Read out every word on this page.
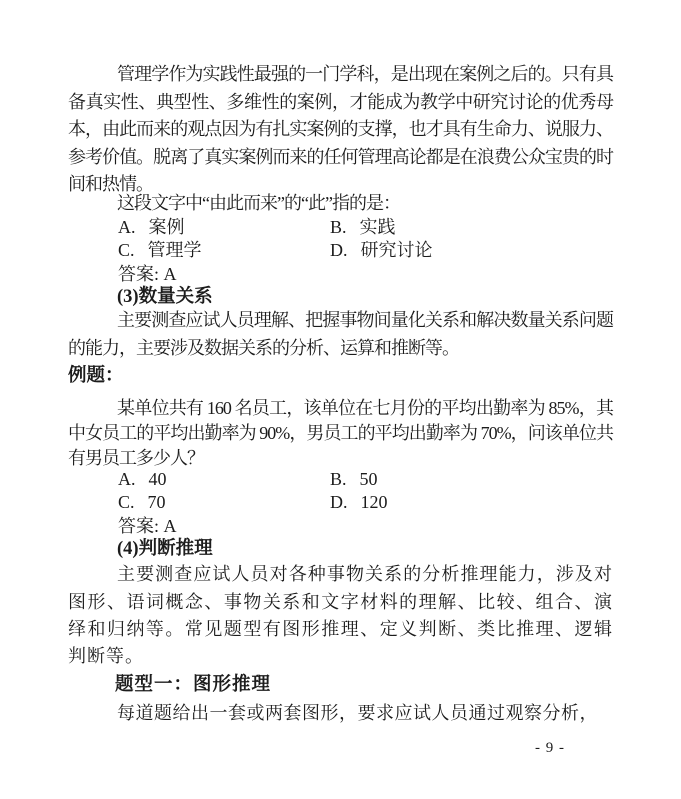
管理学作为实践性最强的一门学科，是出现在案例之后的。只有具备真实性、典型性、多维性的案例，才能成为教学中研究讨论的优秀母本，由此而来的观点因为有扎实案例的支撑，也才具有生命力、说服力、参考价值。脱离了真实案例而来的任何管理高论都是在浪费公众宝贵的时间和热情。

这段文字中“由此而来”的“此”指的是：

A. 案例	B. 实践
C. 管理学	D. 研究讨论

答案: A

(3)数量关系

主要测查应试人员理解、把握事物间量化关系和解决数量关系问题的能力，主要涉及数据关系的分析、运算和推断等。

例题：

某单位共有 160 名员工，该单位在七月份的平均出勤率为 85%，其中女员工的平均出勤率为 90%，男员工的平均出勤率为 70%，问该单位共有男员工多少人？

A. 40	B. 50
C. 70	D. 120

答案: A

(4)判断推理

主要测查应试人员对各种事物关系的分析推理能力，涉及对图形、语词概念、事物关系和文字材料的理解、比较、组合、演绎和归纳等。常见题型有图形推理、定义判断、类比推理、逻辑判断等。

题型一：图形推理

每道题给出一套或两套图形，要求应试人员通过观察分析，

- 9 -
